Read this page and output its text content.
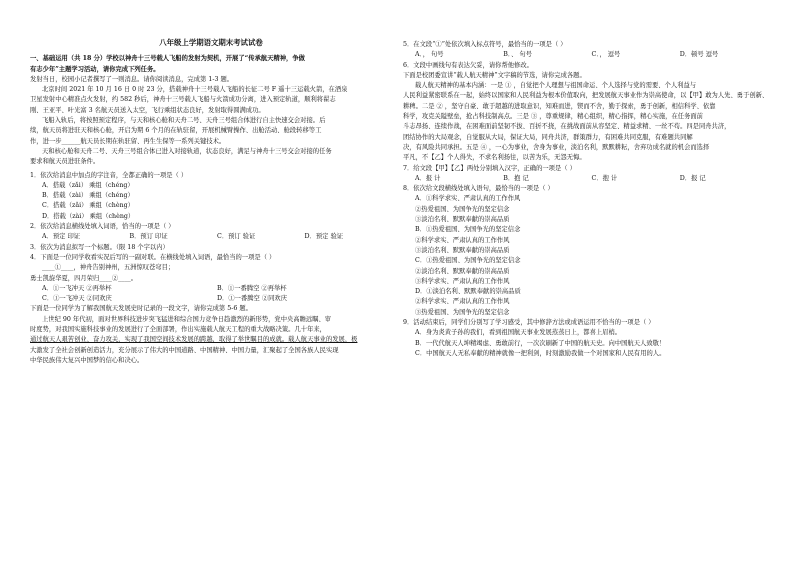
八年级上学期语文期末考试试卷

一、基础运用（共 18 分）学校以神舟十三号载人飞船的发射为契机，开展了“传承航天精神，争做

有志少年”主题学习活动，请你完成下列任务。

发射当日，校园小记者撰写了一则消息。请你阅读消息，完成第 1-3 题。

北京时间 2021 年 10 月 16 日 0 时 23 分，搭载神舟十三号载人飞船的长征二号 F 遥十三运载火箭，在酒泉

卫星发射中心精准点火发射，约 582 秒后，神舟十三号载人飞船与火箭成功分离，进入预定轨道，顺利将翟志

刚、王亚平、叶光富 3 名航天员送入太空，飞行乘组状态良好，发射取得圆满成功。

飞船入轨后，将按照预定程序，与天和核心舱和天舟二号、天舟三号组合体进行自主快速交会对接。后

续，航天员将进驻天和核心舱，开启为期 6 个月的在轨驻留，开展机械臂操作、出舱活动、舱段转移等工

作，进一步______航天员长期在轨驻留、再生生保等一系列关键技术。

天和核心舱和天舟二号、天舟三号组合体已进入对接轨道，状态良好，满足与神舟十三号交会对接的任务

要求和航天员进驻条件。

1．依次给消息中加点的字注音，全都正确的一项是（ ）

A．搭载（zǎi） 乘组（chéng）

B．搭载（zài） 乘组（chéng）

C．搭载（zǎi） 乘组（chèng）

D．搭载（zài） 乘组（chèng）

2．依次给消息横线处填入词语，恰当的一项是（ ）

A．预定 印证	B．预订 印证	C．预订 验证	D．预定 验证

3．依次为消息拟写一个标题。（限 18 个字以内）

4．下面是一位同学收看实况后写的一副对联。在横线处填入词语，最恰当的一项是（ ）

____①____，神舟告别神州，五洲惊叹苍穹目；

勇士凯旋华夏，四月荣归____②____。

A．①一飞冲天 ②再举杯	B．①一番腾空 ②再举杯
C．①一飞冲天 ②同欢庆	D．①一番腾空 ②同欢庆

下面是一位同学为了解我国航天发展史时记录的一段文字，请你完成第 5-6 题。

上世纪 90 年代初，面对世界科技进步突飞猛进和综合国力竞争日趋激烈的新形势，党中央高瞻远瞩、审

时度势，对我国实施科技事业的发展进行了全面部署，作出实施载人航天工程的重大战略决策。几十年来，

通过航天人艰苦创业、奋力攻关，实现了我国空间技术发展的跨越，取得了举世瞩目的成就。载人航天事业的发展，极

大激发了全社会创新创造活力，充分展示了伟大的中国道路、中国精神、中国力量，汇聚起了全国各族人民实现

中华民族伟大复兴中国梦的信心和决心。

5．在文段“①”处依次填入标点符号，最恰当的一项是（ ）

A．， 句号	B．、 句号	C．， 逗号	D．顿号 逗号

6．文段中画线句有表达欠妥，请你帮他修改。

下面是校团委宣讲“载人航天精神”文字稿的节选，请你完成各题。

载人航天精神的基本内涵：一是 ① ，自觉把个人理想与祖国命运、个人选择与党的需要、个人利益与

人民利益紧密联系在一起，始终以国家和人民利益为根本价值取向，把发展航天事业作为崇高使命，以【甲】敢为人先、勇于创新、

耕稗。二是 ② ，坚守自豪、敢于超越的进取意识，知难而进，锲而不舍，勤于探索，勇于创新，相信科学、依靠

科学，攻克关隘壁垒，抢占科技制高点。三是 ③ ，尊重规律，精心组织，精心指挥，精心实施，在任务面前

斗志昂扬、连续作战，在困难面前坚韧不拔、百折不挠，在挑战面前从容坚定、精益求精、一丝不苟。四是同舟共济，

团结协作的大局观念，自觉服从大局，保证大局，同舟共济，群策群力，有困难共同克服，有难题共同解

决，有风险共同承担。五是 ④ ，一心为事业，舍身为事业，淡泊名利，默默耕耘，舍弃功成名就的机会而选择

平凡，不【乙】个人得失，不求名利扬往，以苦为乐，无怨无悔。

7．给文段【甲】【乙】两处分别填入汉字，正确的一项是（ ）

A．报 计	B．抱 记	C．抱 计	D．报 记

8．依次给文段横线处填入语句，最恰当的一项是（ ）

A．①科学求实、严肃认真的工作作风

②热爱祖国、为国争光的坚定信念

③淡泊名利、默默奉献的崇高品质

B．①热爱祖国、为国争光的坚定信念

②科学求实、严肃认真的工作作风

③淡泊名利、默默奉献的崇高品质

C．①热爱祖国、为国争光的坚定信念

②淡泊名利、默默奉献的崇高品质

③科学求实、严肃认真的工作作风

D．①淡泊名利、默默奉献的崇高品质

②科学求实、严肃认真的工作作风

③热爱祖国、为国争光的坚定信念

9．活动结束后，同学们分别写了学习感受，其中修辞方法或成语运用不恰当的一项是（ ）

A．身为炎黄子孙的我们，看到祖国航天事业发展蒸蒸日上，都喜上眉梢。

B．一代代航天人坤精竭虑、勇敢前行，一次次刷新了中国的航天史。向中国航天人致敬！

C．中国航天人无私奉献的精神就像一把利剑，时刻激励我做一个对国家和人民有用的人。
